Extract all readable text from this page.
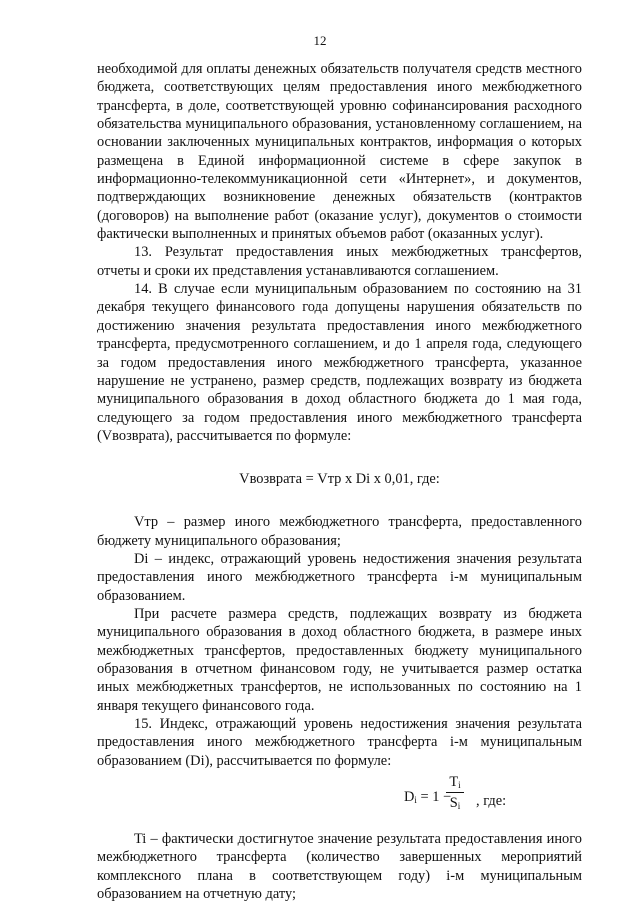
12

необходимой для оплаты денежных обязательств получателя средств местного бюджета, соответствующих целям предоставления иного межбюджетного трансферта, в доле, соответствующей уровню софинансирования расходного обязательства муниципального образования, установленному соглашением, на основании заключенных муниципальных контрактов, информация о которых размещена в Единой информационной системе в сфере закупок в информационно-телекоммуникационной сети «Интернет», и документов, подтверждающих возникновение денежных обязательств (контрактов (договоров) на выполнение работ (оказание услуг), документов о стоимости фактически выполненных и принятых объемов работ (оказанных услуг).

13. Результат предоставления иных межбюджетных трансфертов, отчеты и сроки их представления устанавливаются соглашением.

14. В случае если муниципальным образованием по состоянию на 31 декабря текущего финансового года допущены нарушения обязательств по достижению значения результата предоставления иного межбюджетного трансферта, предусмотренного соглашением, и до 1 апреля года, следующего за годом предоставления иного межбюджетного трансферта, указанное нарушение не устранено, размер средств, подлежащих возврату из бюджета муниципального образования в доход областного бюджета до 1 мая года, следующего за годом предоставления иного межбюджетного трансферта (Vвозврата), рассчитывается по формуле:

Vвозврата = Vтр x Di x 0,01, где:

Vтр – размер иного межбюджетного трансферта, предоставленного бюджету муниципального образования;

Di – индекс, отражающий уровень недостижения значения результата предоставления иного межбюджетного трансферта i-м муниципальным образованием.

При расчете размера средств, подлежащих возврату из бюджета муниципального образования в доход областного бюджета, в размере иных межбюджетных трансфертов, предоставленных бюджету муниципального образования в отчетном финансовом году, не учитывается размер остатка иных межбюджетных трансфертов, не использованных по состоянию на 1 января текущего финансового года.

15. Индекс, отражающий уровень недостижения значения результата предоставления иного межбюджетного трансферта i-м муниципальным образованием (Di), рассчитывается по формуле:

$D_i = 1$ −
$T_i$
$S_i$ , где:

Ti – фактически достигнутое значение результата предоставления иного межбюджетного трансферта (количество завершенных мероприятий комплексного плана в соответствующем году) i-м муниципальным образованием на отчетную дату;
